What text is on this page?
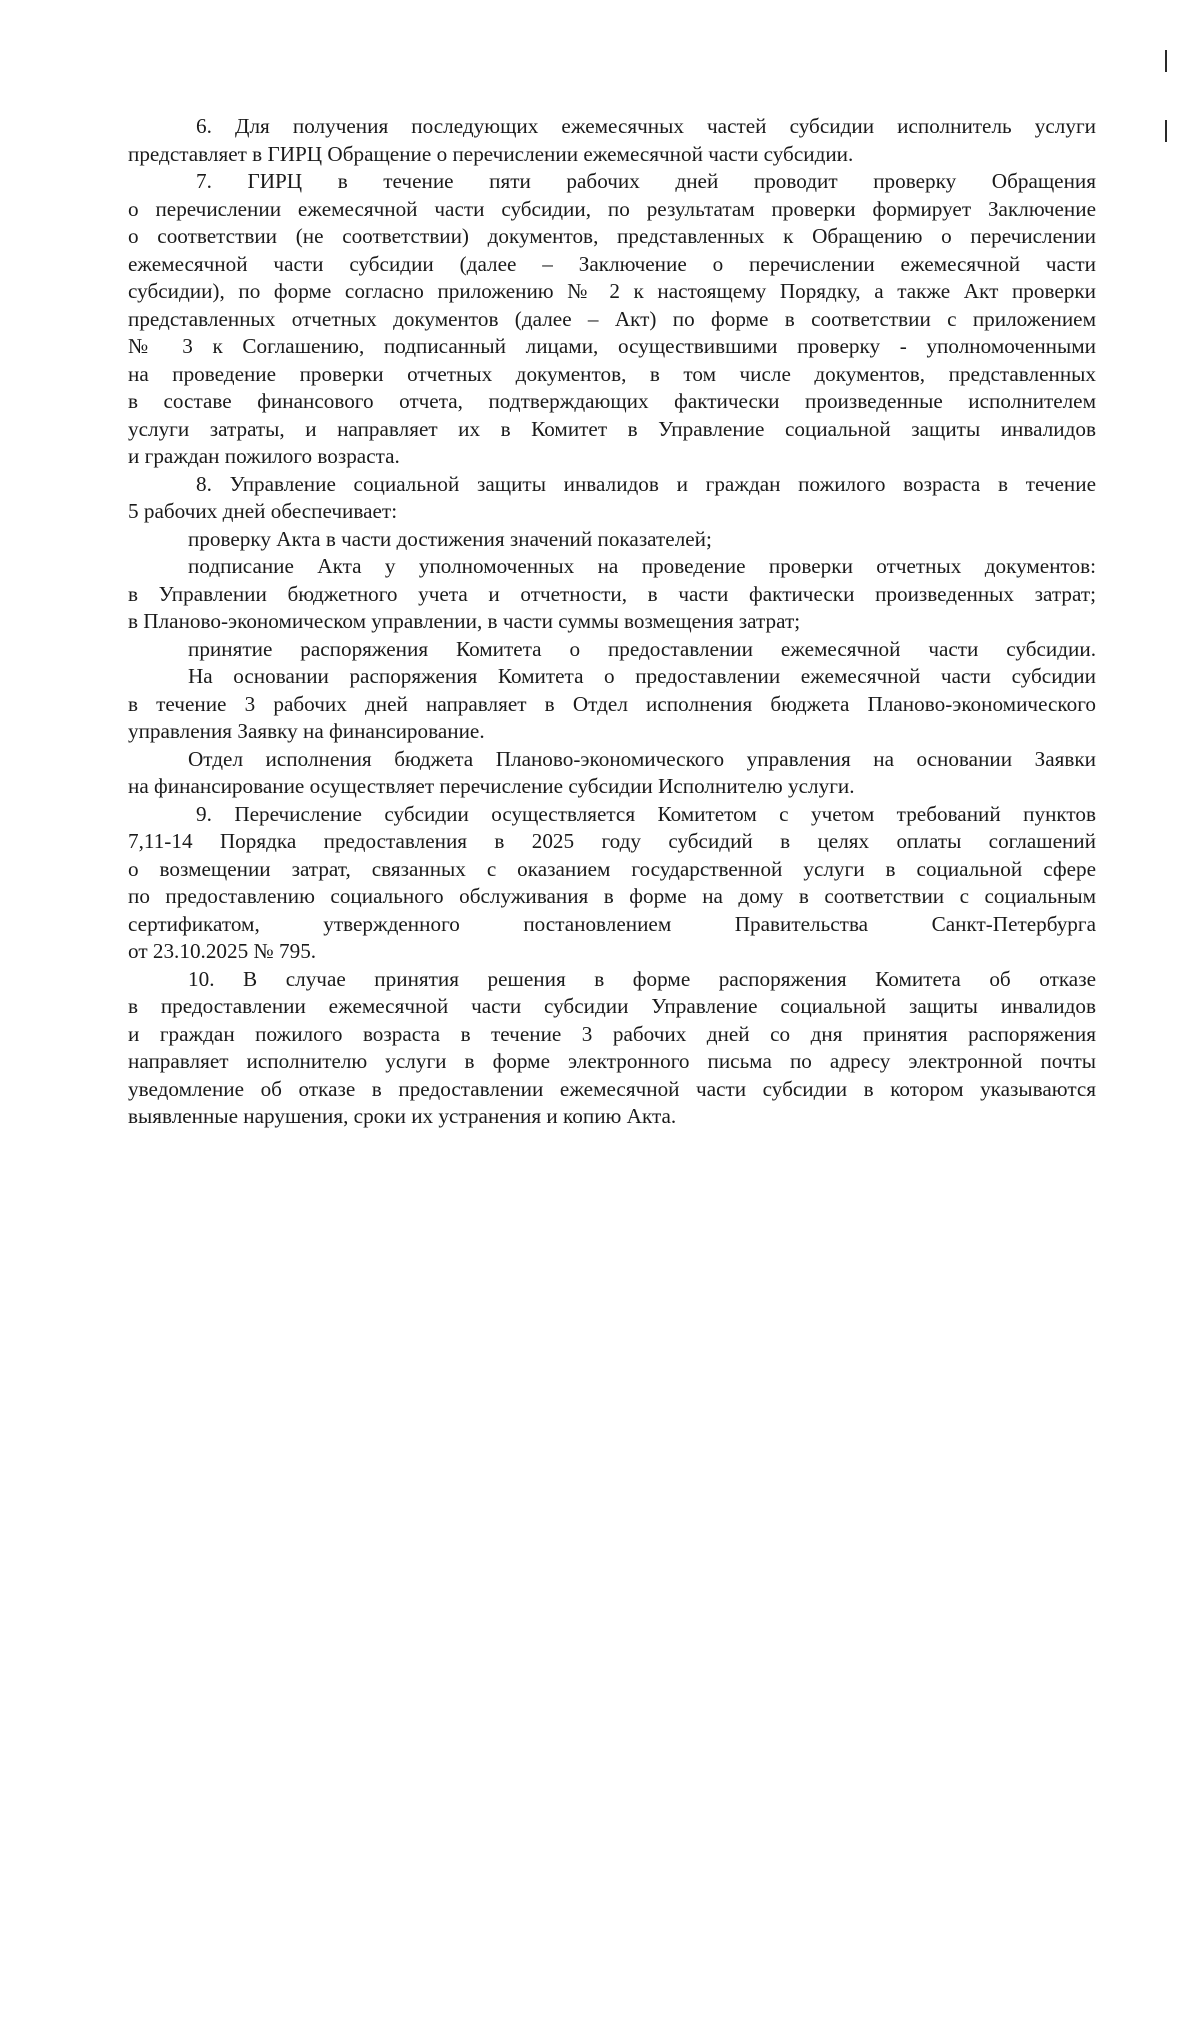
6. Для получения последующих ежемесячных частей субсидии исполнитель услуги
представляет в ГИРЦ Обращение о перечислении ежемесячной части субсидии.
7. ГИРЦ в течение пяти рабочих дней проводит проверку Обращения
о перечислении ежемесячной части субсидии, по результатам проверки формирует Заключение
о соответствии (не соответствии) документов, представленных к Обращению о перечислении
ежемесячной части субсидии (далее – Заключение о перечислении ежемесячной части
субсидии), по форме согласно приложению № 2 к настоящему Порядку, а также Акт проверки
представленных отчетных документов (далее – Акт) по форме в соответствии с приложением
№ 3 к Соглашению, подписанный лицами, осуществившими проверку - уполномоченными
на проведение проверки отчетных документов, в том числе документов, представленных
в составе финансового отчета, подтверждающих фактически произведенные исполнителем
услуги затраты, и направляет их в Комитет в Управление социальной защиты инвалидов
и граждан пожилого возраста.
8. Управление социальной защиты инвалидов и граждан пожилого возраста в течение
5 рабочих дней обеспечивает:
проверку Акта в части достижения значений показателей;
подписание Акта у уполномоченных на проведение проверки отчетных документов:
в Управлении бюджетного учета и отчетности, в части фактически произведенных затрат;
в Планово-экономическом управлении, в части суммы возмещения затрат;
принятие распоряжения Комитета о предоставлении ежемесячной части субсидии.
На основании распоряжения Комитета о предоставлении ежемесячной части субсидии
в течение 3 рабочих дней направляет в Отдел исполнения бюджета Планово-экономического
управления Заявку на финансирование.
Отдел исполнения бюджета Планово-экономического управления на основании Заявки
на финансирование осуществляет перечисление субсидии Исполнителю услуги.
9. Перечисление субсидии осуществляется Комитетом с учетом требований пунктов
7,11-14 Порядка предоставления в 2025 году субсидий в целях оплаты соглашений
о возмещении затрат, связанных с оказанием государственной услуги в социальной сфере
по предоставлению социального обслуживания в форме на дому в соответствии с социальным
сертификатом, утвержденного постановлением Правительства Санкт-Петербурга
от 23.10.2025 № 795.
10. В случае принятия решения в форме распоряжения Комитета об отказе
в предоставлении ежемесячной части субсидии Управление социальной защиты инвалидов
и граждан пожилого возраста в течение 3 рабочих дней со дня принятия распоряжения
направляет исполнителю услуги в форме электронного письма по адресу электронной почты
уведомление об отказе в предоставлении ежемесячной части субсидии в котором указываются
выявленные нарушения, сроки их устранения и копию Акта.
